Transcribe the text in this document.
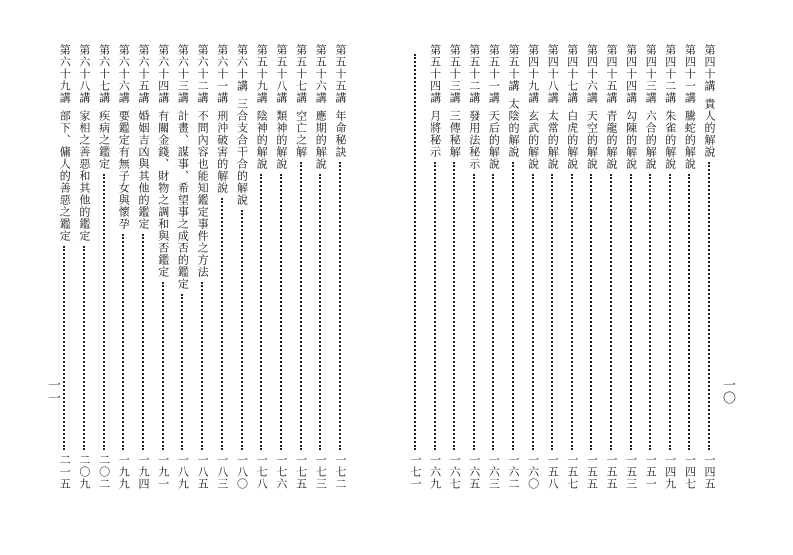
第四十講
貴人的解說
一四五
第四十一講
騰蛇的解說
一四七
第四十二講
朱雀的解說
一四九
第四十三講
六合的解說
一五一
第四十四講
勾陳的解說
一五三
第四十五講
青龍的解說
一五五
第四十六講
天空的解說
一五五
第四十七講
白虎的解說
一五七
第四十八講
太常的解說
一五八
第四十九講
玄武的解說
一六〇
第五十講
太陰的解說
一六二
第五十一講
天后的解說
一六三
第五十二講
發用法秘示
一六五
第五十三講
三傳秘解
一六七
第五十四講
月將秘示
一六九
一七一
第五十五講
年命秘訣
一七二
第五十六講
應期的解說
一七三
第五十七講
空亡之解
一七五
第五十八講
類神的解說
一七六
第五十九講
陰神的解說
一七八
第六十講
三合支合干合的解說
一八〇
第六十一講
刑沖破害的解說
一八三
第六十二講
不問內容也能知鑑定事件之方法
一八五
第六十三講
計畫、謀事、希望事之成否的鑑定
一八九
第六十四講
有關金錢、財物之調和與否鑑定
一九一
第六十五講
婚姻吉凶與其他的鑑定
一九四
第六十六講
要鑑定有無子女與懷孕
一九九
第六十七講
疾病之鑑定
二〇二
第六十八講
家相之善惡和其他的鑑定
二〇九
第六十九講
部下、傭人的善惡之鑑定
二一五
一〇
一一
